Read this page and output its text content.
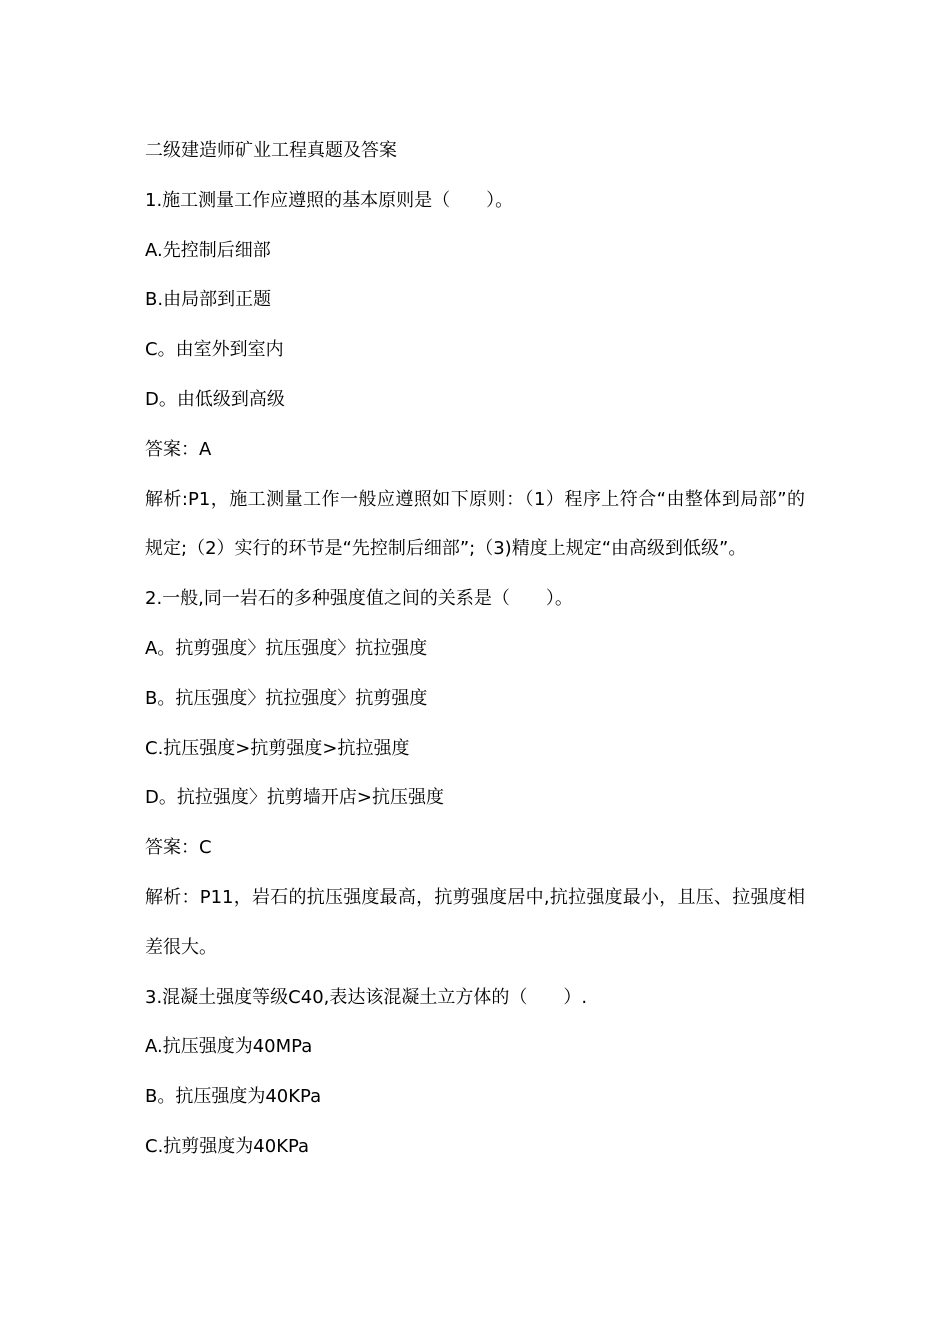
二级建造师矿业工程真题及答案
1.施工测量工作应遵照的基本原则是（　　）。
A.先控制后细部
B.由局部到正题
C。由室外到室内
D。由低级到高级
答案：A
解析:P1，施工测量工作一般应遵照如下原则：（1）程序上符合“由整体到局部”的规定;（2）实行的环节是“先控制后细部”;（3)精度上规定“由高级到低级”。
2.一般,同一岩石的多种强度值之间的关系是（　　）。
A。抗剪强度〉抗压强度〉抗拉强度
B。抗压强度〉抗拉强度〉抗剪强度
C.抗压强度>抗剪强度>抗拉强度
D。抗拉强度〉抗剪墙开店>抗压强度
答案：C
解析：P11，岩石的抗压强度最高，抗剪强度居中,抗拉强度最小，且压、拉强度相差很大。
3.混凝土强度等级C40,表达该混凝土立方体的（　　）.
A.抗压强度为40MPa
B。抗压强度为40KPa
C.抗剪强度为40KPa
